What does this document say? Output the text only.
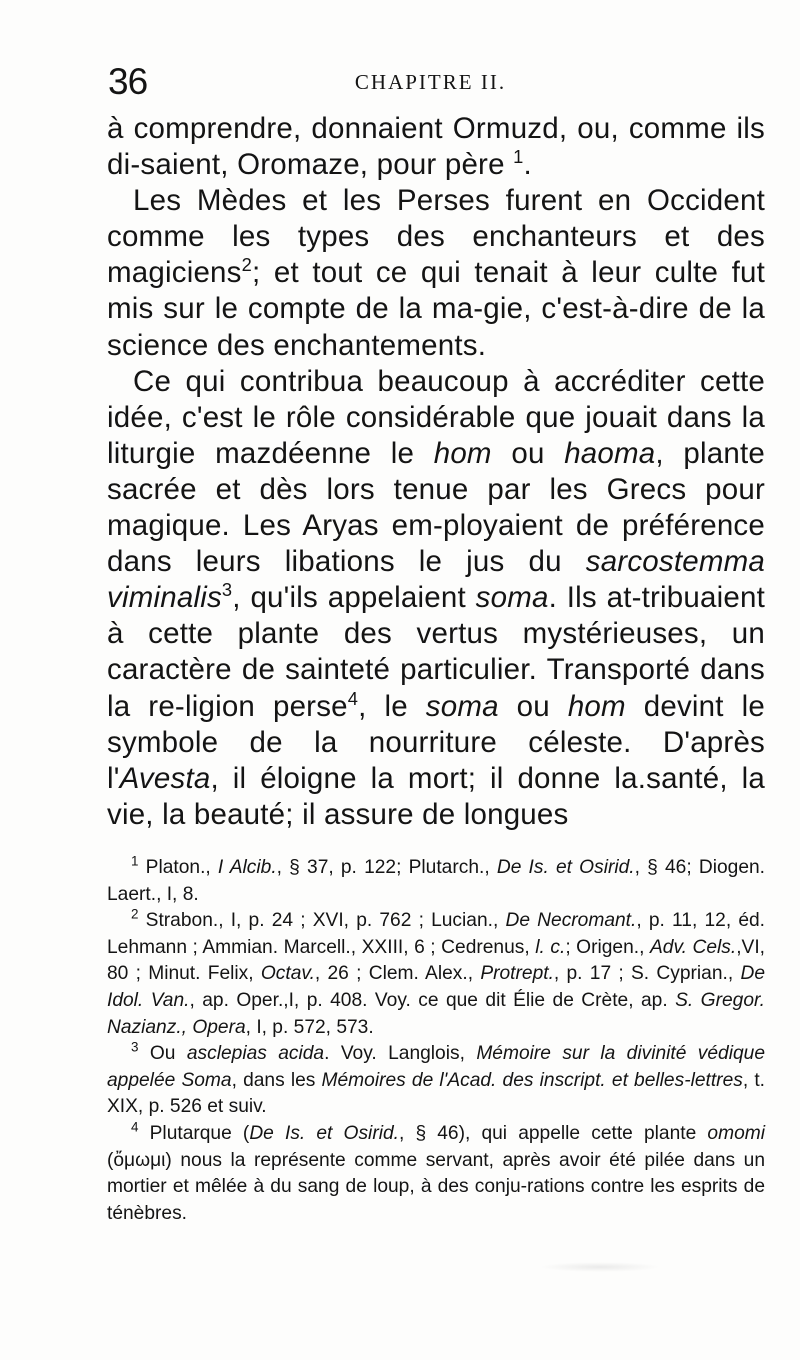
36	CHAPITRE II.

à comprendre, donnaient Ormuzd, ou, comme ils di-saient, Oromaze, pour père $^1$.

Les Mèdes et les Perses furent en Occident comme les types des enchanteurs et des magiciens$^2$; et tout ce qui tenait à leur culte fut mis sur le compte de la ma-gie, c'est-à-dire de la science des enchantements.

Ce qui contribua beaucoup à accréditer cette idée, c'est le rôle considérable que jouait dans la liturgie mazdéenne le hom ou haoma, plante sacrée et dès lors tenue par les Grecs pour magique. Les Aryas em-ployaient de préférence dans leurs libations le jus du sarcostemma viminalis$^3$, qu'ils appelaient soma. Ils at-tribuaient à cette plante des vertus mystérieuses, un caractère de sainteté particulier. Transporté dans la re-ligion perse$^4$, le soma ou hom devint le symbole de la nourriture céleste. D'après l'Avesta, il éloigne la mort; il donne la.santé, la vie, la beauté; il assure de longues

$^1$ Platon., I Alcib., § 37, p. 122; Plutarch., De Is. et Osirid., § 46; Diogen. Laert., I, 8.

$^2$ Strabon., I, p. 24 ; XVI, p. 762 ; Lucian., De Necromant., p. 11, 12, éd. Lehmann ; Ammian. Marcell., XXIII, 6 ; Cedrenus, l. c.; Origen., Adv. Cels.,VI, 80 ; Minut. Felix, Octav., 26 ; Clem. Alex., Protrept., p. 17 ; S. Cyprian., De Idol. Van., ap. Oper.,I, p. 408. Voy. ce que dit Élie de Crète, ap. S. Gregor. Nazianz., Opera, I, p. 572, 573.

$^3$ Ou asclepias acida. Voy. Langlois, Mémoire sur la divinité védique appelée Soma, dans les Mémoires de l'Acad. des inscript. et belles-lettres, t. XIX, p. 526 et suiv.

$^4$ Plutarque (De Is. et Osirid., § 46), qui appelle cette plante omomi (ὄμωμι) nous la représente comme servant, après avoir été pilée dans un mortier et mêlée à du sang de loup, à des conju-rations contre les esprits de ténèbres.
